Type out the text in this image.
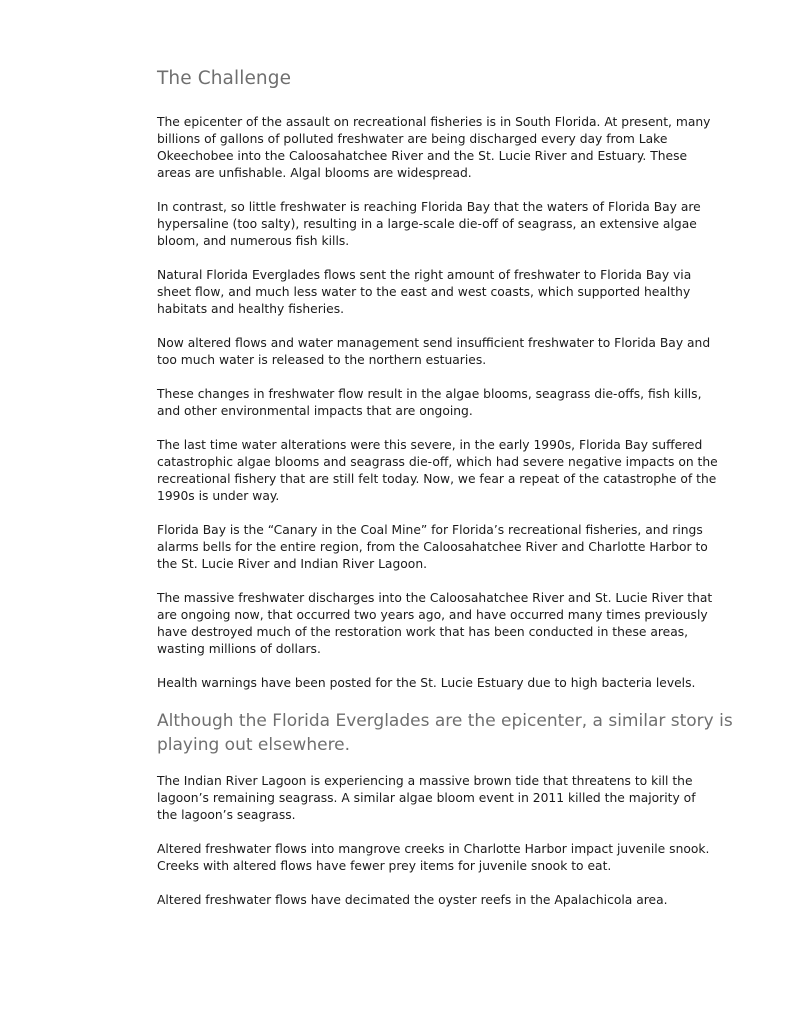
The Challenge

The epicenter of the assault on recreational fisheries is in South Florida. At present, many billions of gallons of polluted freshwater are being discharged every day from Lake Okeechobee into the Caloosahatchee River and the St. Lucie River and Estuary. These areas are unfishable. Algal blooms are widespread.

In contrast, so little freshwater is reaching Florida Bay that the waters of Florida Bay are hypersaline (too salty), resulting in a large-scale die-off of seagrass, an extensive algae bloom, and numerous fish kills.

Natural Florida Everglades flows sent the right amount of freshwater to Florida Bay via sheet flow, and much less water to the east and west coasts, which supported healthy habitats and healthy fisheries.

Now altered flows and water management send insufficient freshwater to Florida Bay and too much water is released to the northern estuaries.

These changes in freshwater flow result in the algae blooms, seagrass die-offs, fish kills, and other environmental impacts that are ongoing.

The last time water alterations were this severe, in the early 1990s, Florida Bay suffered catastrophic algae blooms and seagrass die-off, which had severe negative impacts on the recreational fishery that are still felt today. Now, we fear a repeat of the catastrophe of the 1990s is under way.

Florida Bay is the “Canary in the Coal Mine” for Florida’s recreational fisheries, and rings alarms bells for the entire region, from the Caloosahatchee River and Charlotte Harbor to the St. Lucie River and Indian River Lagoon.

The massive freshwater discharges into the Caloosahatchee River and St. Lucie River that are ongoing now, that occurred two years ago, and have occurred many times previously have destroyed much of the restoration work that has been conducted in these areas, wasting millions of dollars.

Health warnings have been posted for the St. Lucie Estuary due to high bacteria levels.

Although the Florida Everglades are the epicenter, a similar story is playing out elsewhere.

The Indian River Lagoon is experiencing a massive brown tide that threatens to kill the lagoon’s remaining seagrass. A similar algae bloom event in 2011 killed the majority of the lagoon’s seagrass.

Altered freshwater flows into mangrove creeks in Charlotte Harbor impact juvenile snook. Creeks with altered flows have fewer prey items for juvenile snook to eat.

Altered freshwater flows have decimated the oyster reefs in the Apalachicola area.
